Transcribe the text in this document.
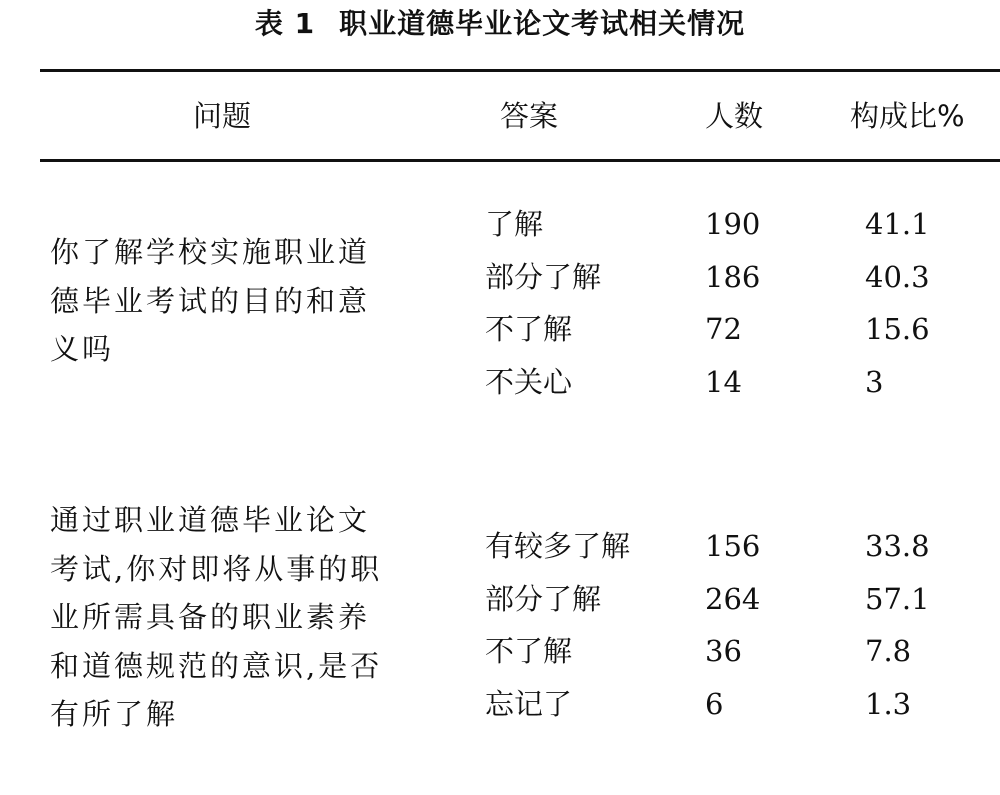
表 1 职业道德毕业论文考试相关情况
问题	答案	人数	构成比%
你了解学校实施职业道德毕业考试的目的和意义吗
了解	190	41.1
部分了解	186	40.3
不了解	72	15.6
不关心	14	3
通过职业道德毕业论文考试,你对即将从事的职业所需具备的职业素养和道德规范的意识,是否有所了解
有较多了解	156	33.8
部分了解	264	57.1
不了解	36	7.8
忘记了	6	1.3
